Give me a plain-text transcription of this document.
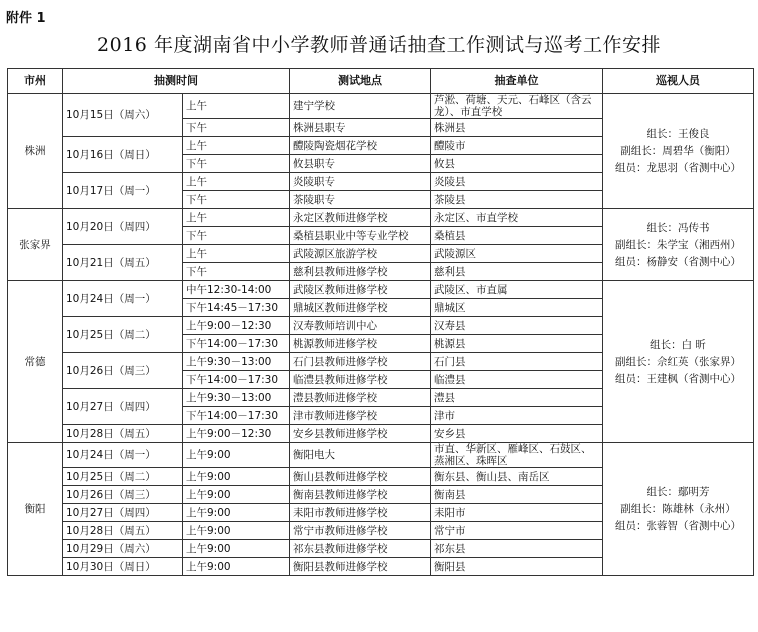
附件 1
2016 年度湖南省中小学教师普通话抽查工作测试与巡考工作安排
市州	抽测时间		测试地点	抽查单位	巡视人员
株洲	10月15日（周六）	上午	建宁学校	芦淞、荷塘、天元、石峰区（含云龙）、市直学校	组长：王俊良
副组长：周碧华（衡阳）
组员：龙思羽（省测中心）

		下午	株洲县职专	株洲县	
	10月16日（周日）	上午	醴陵陶瓷烟花学校	醴陵市	
		下午	攸县职专	攸县	
	10月17日（周一）	上午	炎陵职专	炎陵县	
		下午	茶陵职专	茶陵县	
张家界	10月20日（周四）	上午	永定区教师进修学校	永定区、市直学校	组长：冯传书
副组长：朱学宝（湘西州）
组员：杨静安（省测中心）

		下午	桑植县职业中等专业学校	桑植县	
	10月21日（周五）	上午	武陵源区旅游学校	武陵源区	
		下午	慈利县教师进修学校	慈利县	
常德	10月24日（周一）	中午12:30-14:00	武陵区教师进修学校	武陵区、市直属	组长：白 昕
副组长：佘红英（张家界）
组员：王建枫（省测中心）

		下午14:45－17:30	鼎城区教师进修学校	鼎城区	
	10月25日（周二）	上午9:00－12:30	汉寿教师培训中心	汉寿县	
		下午14:00－17:30	桃源教师进修学校	桃源县	
	10月26日（周三）	上午9:30－13:00	石门县教师进修学校	石门县	
		下午14:00－17:30	临澧县教师进修学校	临澧县	
	10月27日（周四）	上午9:30－13:00	澧县教师进修学校	澧县	
		下午14:00－17:30	津市教师进修学校	津市	
	10月28日（周五）	上午9:00－12:30	安乡县教师进修学校	安乡县	
衡阳	10月24日（周一）	上午9:00	衡阳电大	市直、华新区、雁峰区、石鼓区、蒸湘区、珠晖区	组长：鄢明芳
副组长：陈雄林（永州）
组员：张蓉智（省测中心）

	10月25日（周二）	上午9:00	衡山县教师进修学校	衡东县、衡山县、南岳区	
	10月26日（周三）	上午9:00	衡南县教师进修学校	衡南县	
	10月27日（周四）	上午9:00	耒阳市教师进修学校	耒阳市	
	10月28日（周五）	上午9:00	常宁市教师进修学校	常宁市	
	10月29日（周六）	上午9:00	祁东县教师进修学校	祁东县	
	10月30日（周日）	上午9:00	衡阳县教师进修学校	衡阳县	
